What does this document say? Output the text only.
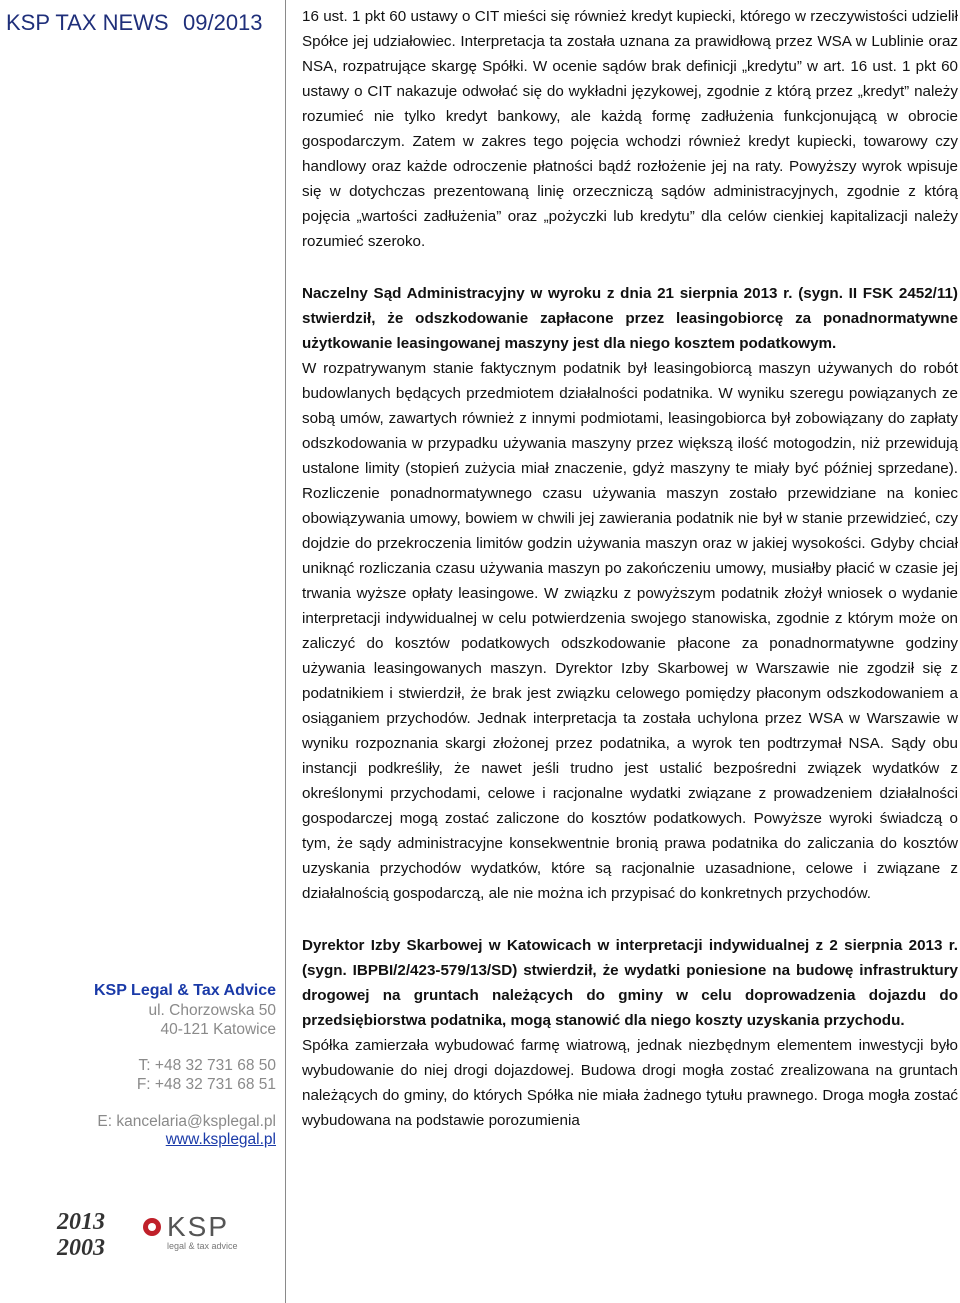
KSP TAX NEWS 09/2013
KSP Legal & Tax Advice
ul. Chorzowska 50
40-121 Katowice
T: +48 32 731 68 50
F: +48 32 731 68 51
E: kancelaria@ksplegal.pl
www.ksplegal.pl
2013
2003
KSP
legal & tax advice

16 ust. 1 pkt 60 ustawy o CIT mieści się również kredyt kupiecki, którego w rzeczywistości udzielił Spółce jej udziałowiec. Interpretacja ta została uznana za prawidłową przez WSA w Lublinie oraz NSA, rozpatrujące skargę Spółki. W ocenie sądów brak definicji „kredytu” w art. 16 ust. 1 pkt 60 ustawy o CIT nakazuje odwołać się do wykładni językowej, zgodnie z którą przez „kredyt” należy rozumieć nie tylko kredyt bankowy, ale każdą formę zadłużenia funkcjonującą w obrocie gospodarczym. Zatem w zakres tego pojęcia wchodzi również kredyt kupiecki, towarowy czy handlowy oraz każde odroczenie płatności bądź rozłożenie jej na raty. Powyższy wyrok wpisuje się w dotychczas prezentowaną linię orzeczniczą sądów administracyjnych, zgodnie z którą pojęcia „wartości zadłużenia” oraz „pożyczki lub kredytu” dla celów cienkiej kapitalizacji należy rozumieć szeroko.

Naczelny Sąd Administracyjny w wyroku z dnia 21 sierpnia 2013 r. (sygn. II FSK 2452/11) stwierdził, że odszkodowanie zapłacone przez leasingobiorcę za ponadnormatywne użytkowanie leasingowanej maszyny jest dla niego kosztem podatkowym.

W rozpatrywanym stanie faktycznym podatnik był leasingobiorcą maszyn używanych do robót budowlanych będących przedmiotem działalności podatnika. W wyniku szeregu powiązanych ze sobą umów, zawartych również z innymi podmiotami, leasingobiorca był zobowiązany do zapłaty odszkodowania w przypadku używania maszyny przez większą ilość motogodzin, niż przewidują ustalone limity (stopień zużycia miał znaczenie, gdyż maszyny te miały być później sprzedane). Rozliczenie ponadnormatywnego czasu używania maszyn zostało przewidziane na koniec obowiązywania umowy, bowiem w chwili jej zawierania podatnik nie był w stanie przewidzieć, czy dojdzie do przekroczenia limitów godzin używania maszyn oraz w jakiej wysokości. Gdyby chciał uniknąć rozliczania czasu używania maszyn po zakończeniu umowy, musiałby płacić w czasie jej trwania wyższe opłaty leasingowe. W związku z powyższym podatnik złożył wniosek o wydanie interpretacji indywidualnej w celu potwierdzenia swojego stanowiska, zgodnie z którym może on zaliczyć do kosztów podatkowych odszkodowanie płacone za ponadnormatywne godziny używania leasingowanych maszyn. Dyrektor Izby Skarbowej w Warszawie nie zgodził się z podatnikiem i stwierdził, że brak jest związku celowego pomiędzy płaconym odszkodowaniem a osiąganiem przychodów. Jednak interpretacja ta została uchylona przez WSA w Warszawie w wyniku rozpoznania skargi złożonej przez podatnika, a wyrok ten podtrzymał NSA. Sądy obu instancji podkreśliły, że nawet jeśli trudno jest ustalić bezpośredni związek wydatków z określonymi przychodami, celowe i racjonalne wydatki związane z prowadzeniem działalności gospodarczej mogą zostać zaliczone do kosztów podatkowych. Powyższe wyroki świadczą o tym, że sądy administracyjne konsekwentnie bronią prawa podatnika do zaliczania do kosztów uzyskania przychodów wydatków, które są racjonalnie uzasadnione, celowe i związane z działalnością gospodarczą, ale nie można ich przypisać do konkretnych przychodów.

Dyrektor Izby Skarbowej w Katowicach w interpretacji indywidualnej z 2 sierpnia 2013 r. (sygn. IBPBI/2/423-579/13/SD) stwierdził, że wydatki poniesione na budowę infrastruktury drogowej na gruntach należących do gminy w celu doprowadzenia dojazdu do przedsiębiorstwa podatnika, mogą stanowić dla niego koszty uzyskania przychodu.

Spółka zamierzała wybudować farmę wiatrową, jednak niezbędnym elementem inwestycji było wybudowanie do niej drogi dojazdowej. Budowa drogi mogła zostać zrealizowana na gruntach należących do gminy, do których Spółka nie miała żadnego tytułu prawnego. Droga mogła zostać wybudowana na podstawie porozumienia
